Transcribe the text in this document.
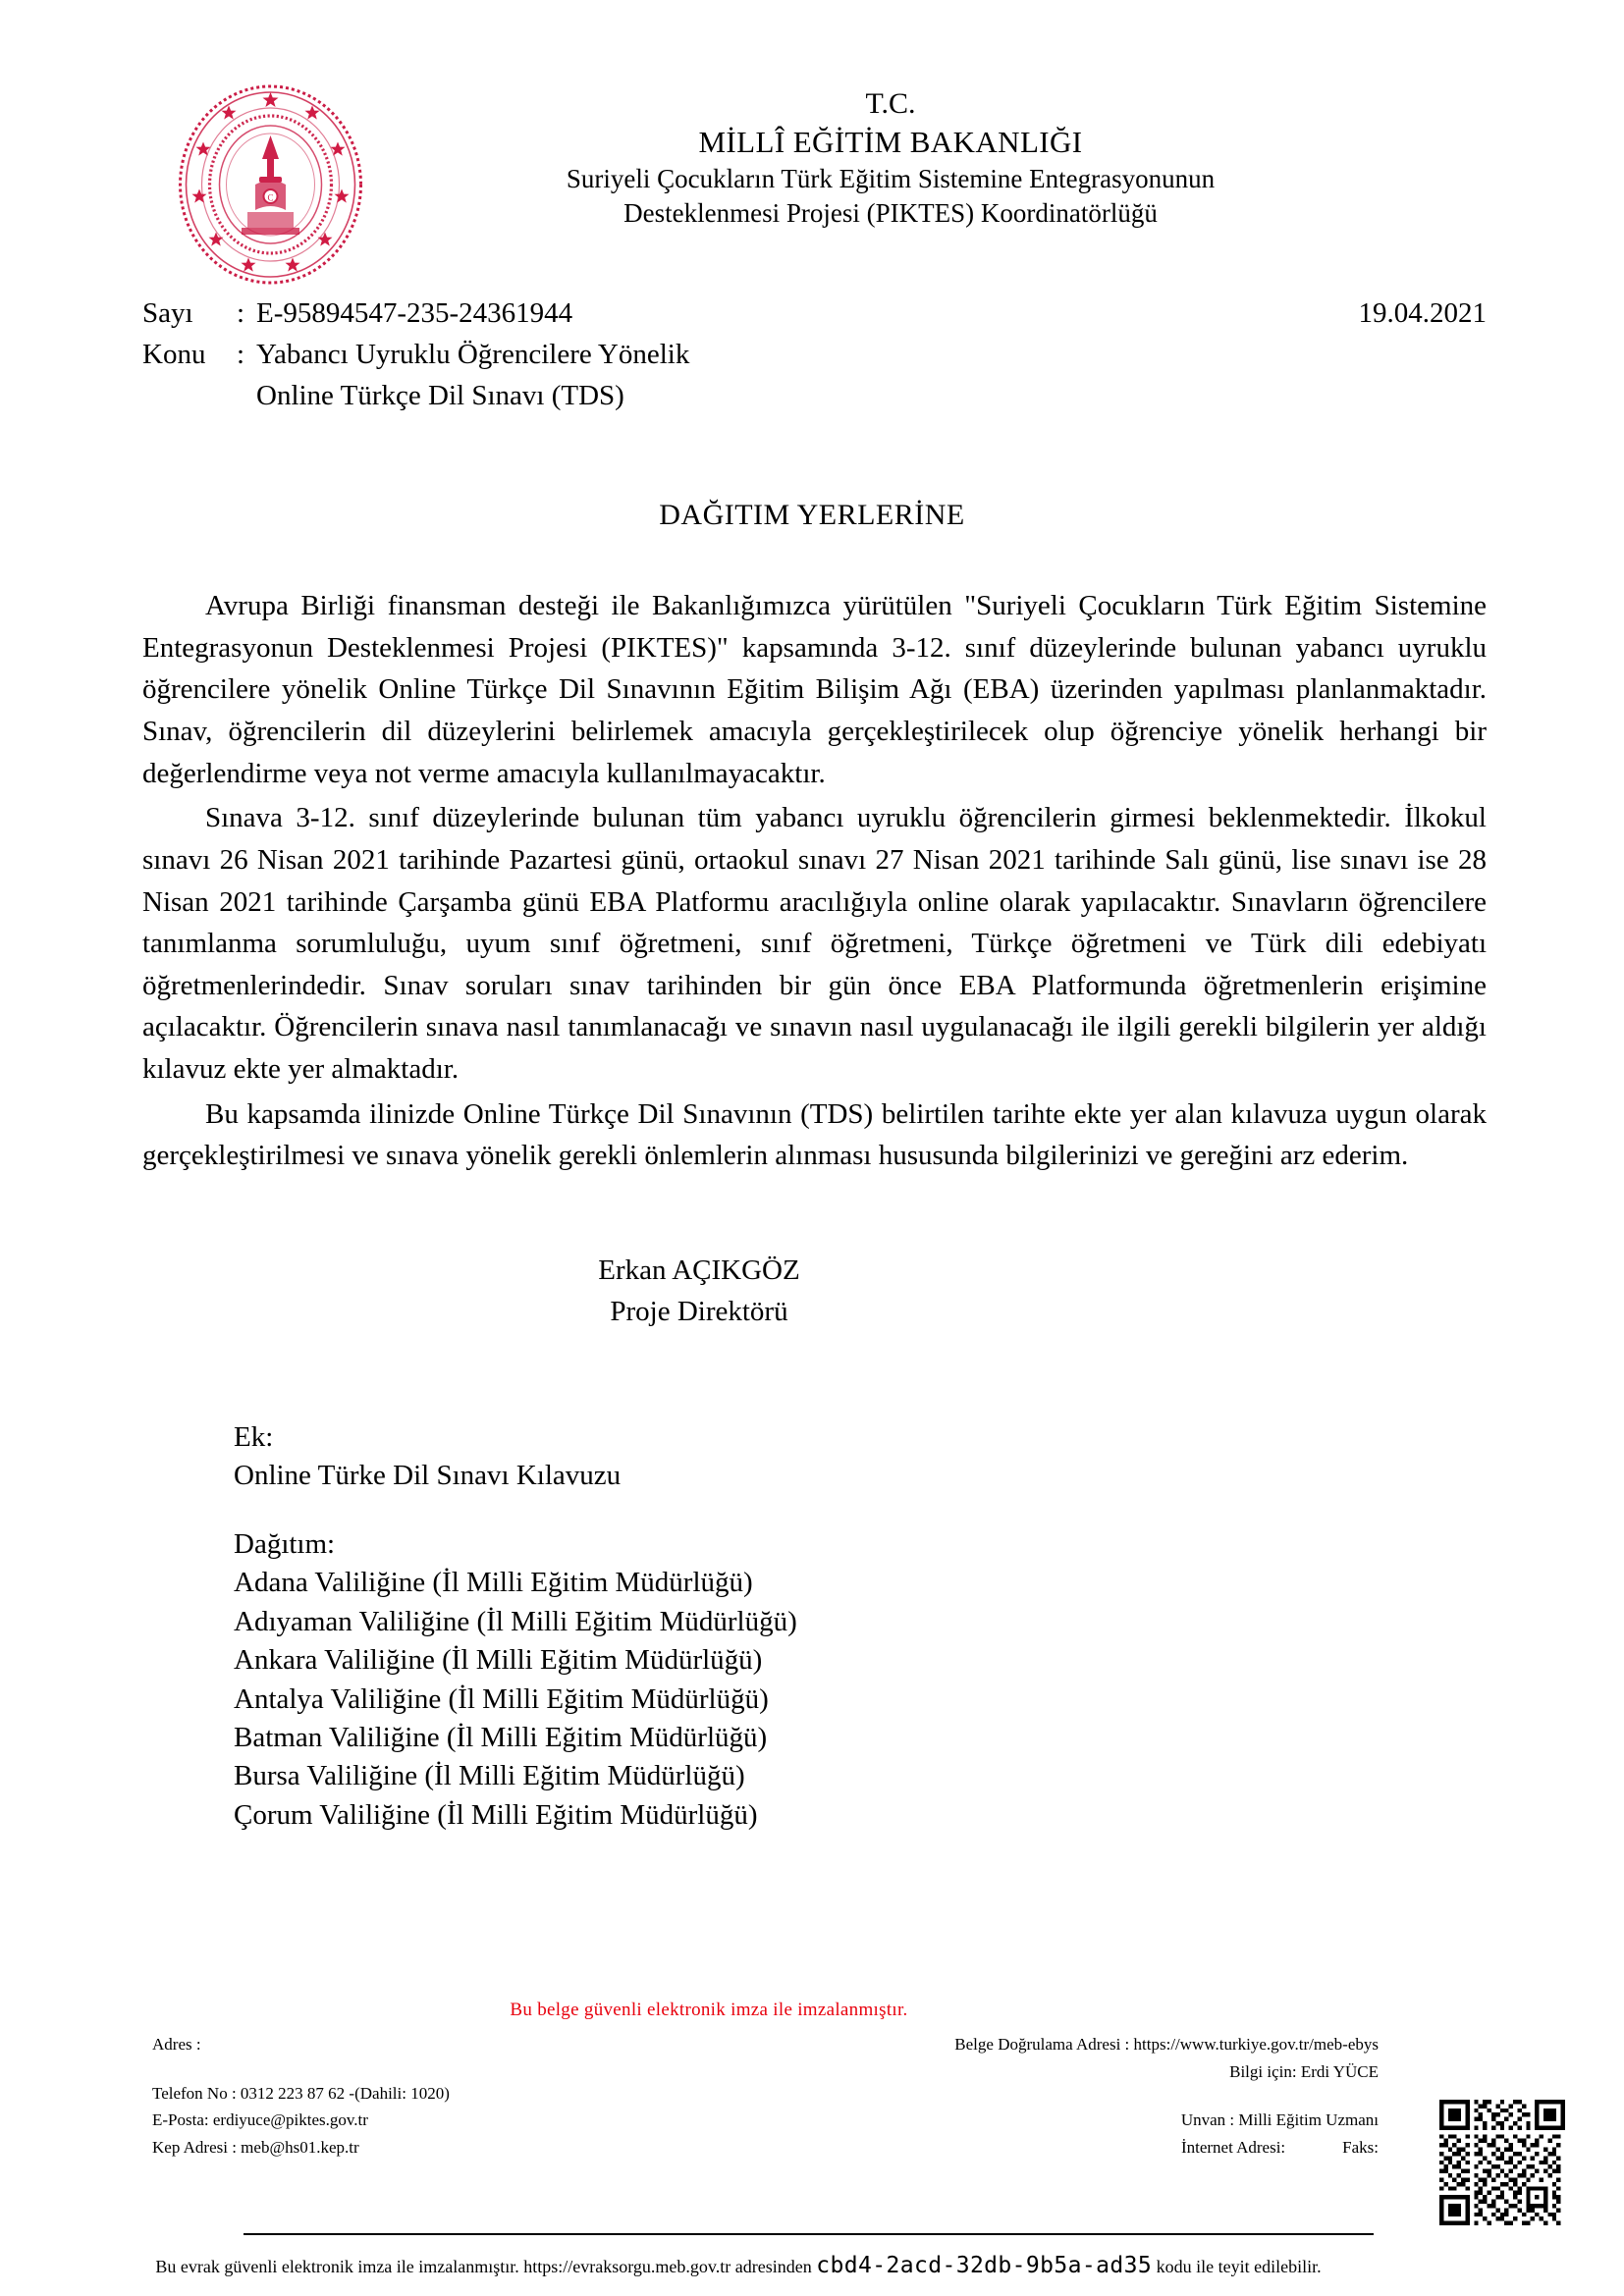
C
T.C.
MİLLÎ EĞİTİM BAKANLIĞI
Suriyeli Çocukların Türk Eğitim Sistemine Entegrasyonunun
Desteklenmesi Projesi (PIKTES) Koordinatörlüğü
Sayı	: E-95894547-235-24361944	19.04.2021
Konu	: Yabancı Uyruklu Öğrencilere Yönelik
Online Türkçe Dil Sınavı (TDS)
DAĞITIM YERLERİNE

Avrupa Birliği finansman desteği ile Bakanlığımızca yürütülen "Suriyeli Çocukların Türk Eğitim Sistemine Entegrasyonun Desteklenmesi Projesi (PIKTES)" kapsamında 3-12. sınıf düzeylerinde bulunan yabancı uyruklu öğrencilere yönelik Online Türkçe Dil Sınavının Eğitim Bilişim Ağı (EBA) üzerinden yapılması planlanmaktadır. Sınav, öğrencilerin dil düzeylerini belirlemek amacıyla gerçekleştirilecek olup öğrenciye yönelik herhangi bir değerlendirme veya not verme amacıyla kullanılmayacaktır.

Sınava 3-12. sınıf düzeylerinde bulunan tüm yabancı uyruklu öğrencilerin girmesi beklenmektedir. İlkokul sınavı 26 Nisan 2021 tarihinde Pazartesi günü, ortaokul sınavı 27 Nisan 2021 tarihinde Salı günü, lise sınavı ise 28 Nisan 2021 tarihinde Çarşamba günü EBA Platformu aracılığıyla online olarak yapılacaktır. Sınavların öğrencilere tanımlanma sorumluluğu, uyum sınıf öğretmeni, sınıf öğretmeni, Türkçe öğretmeni ve Türk dili edebiyatı öğretmenlerindedir. Sınav soruları sınav tarihinden bir gün önce EBA Platformunda öğretmenlerin erişimine açılacaktır. Öğrencilerin sınava nasıl tanımlanacağı ve sınavın nasıl uygulanacağı ile ilgili gerekli bilgilerin yer aldığı kılavuz ekte yer almaktadır.

Bu kapsamda ilinizde Online Türkçe Dil Sınavının (TDS) belirtilen tarihte ekte yer alan kılavuza uygun olarak gerçekleştirilmesi ve sınava yönelik gerekli önlemlerin alınması hususunda bilgilerinizi ve gereğini arz ederim.

Erkan AÇIKGÖZ
Proje Direktörü
Ek:
Online Türke Dil Sınavı Kılavuzu
Dağıtım:
Adana Valiliğine (İl Milli Eğitim Müdürlüğü)
Adıyaman Valiliğine (İl Milli Eğitim Müdürlüğü)
Ankara Valiliğine (İl Milli Eğitim Müdürlüğü)
Antalya Valiliğine (İl Milli Eğitim Müdürlüğü)
Batman Valiliğine (İl Milli Eğitim Müdürlüğü)
Bursa Valiliğine (İl Milli Eğitim Müdürlüğü)
Çorum Valiliğine (İl Milli Eğitim Müdürlüğü)
Bu belge güvenli elektronik imza ile imzalanmıştır.
Adres :
Telefon No : 0312 223 87 62 -(Dahili: 1020)
E-Posta: erdiyuce@piktes.gov.tr
Kep Adresi : meb@hs01.kep.tr
Belge Doğrulama Adresi : https://www.turkiye.gov.tr/meb-ebys
Bilgi için: Erdi YÜCE
Unvan : Milli Eğitim Uzmanı
İnternet Adresi:	Faks:
Bu evrak güvenli elektronik imza ile imzalanmıştır. https://evraksorgu.meb.gov.tr adresinden cbd4-2acd-32db-9b5a-ad35 kodu ile teyit edilebilir.
